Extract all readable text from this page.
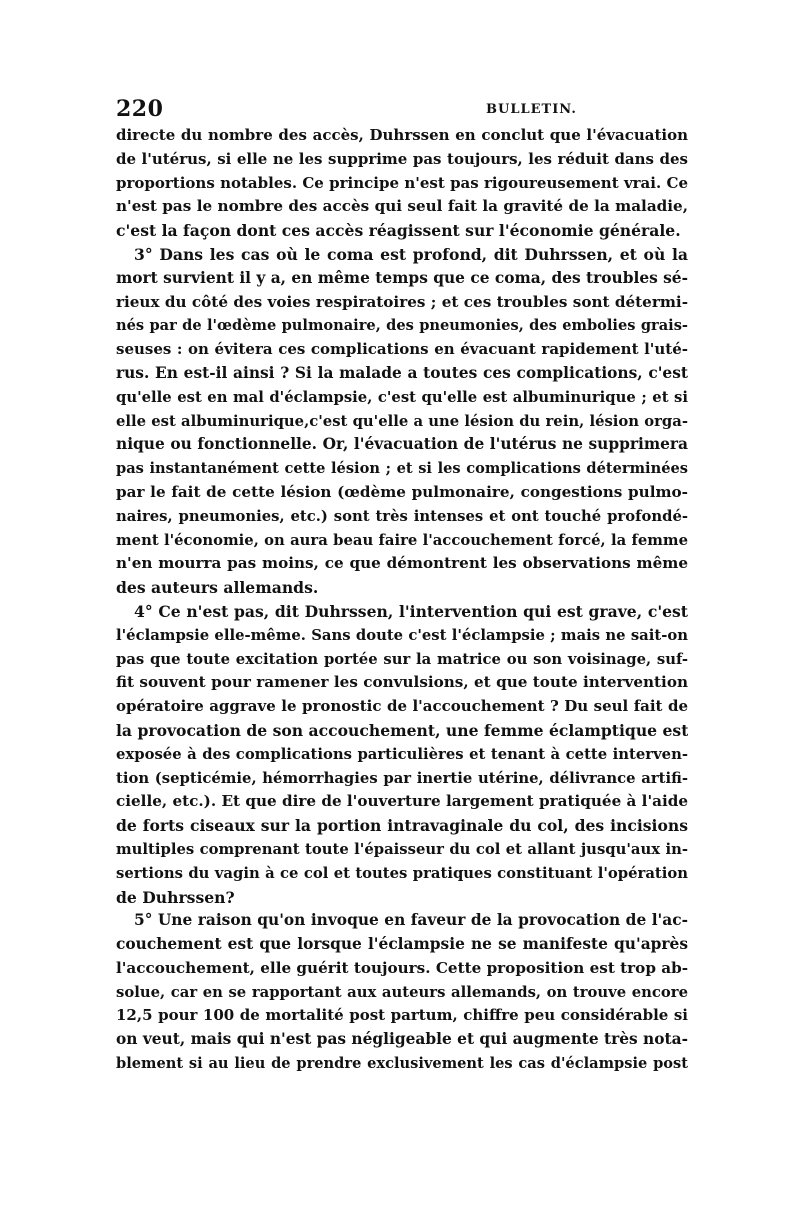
220	BULLETIN.
directe du nombre des accès, Duhrssen en conclut que l'évacuation
de l'utérus, si elle ne les supprime pas toujours, les réduit dans des
proportions notables. Ce principe n'est pas rigoureusement vrai. Ce
n'est pas le nombre des accès qui seul fait la gravité de la maladie,
c'est la façon dont ces accès réagissent sur l'économie générale.
3° Dans les cas où le coma est profond, dit Duhrssen, et où la
mort survient il y a, en même temps que ce coma, des troubles sé-
rieux du côté des voies respiratoires ; et ces troubles sont détermi-
nés par de l'œdème pulmonaire, des pneumonies, des embolies grais-
seuses : on évitera ces complications en évacuant rapidement l'uté-
rus. En est-il ainsi ? Si la malade a toutes ces complications, c'est
qu'elle est en mal d'éclampsie, c'est qu'elle est albuminurique ; et si
elle est albuminurique,c'est qu'elle a une lésion du rein, lésion orga-
nique ou fonctionnelle. Or, l'évacuation de l'utérus ne supprimera
pas instantanément cette lésion ; et si les complications déterminées
par le fait de cette lésion (œdème pulmonaire, congestions pulmo-
naires, pneumonies, etc.) sont très intenses et ont touché profondé-
ment l'économie, on aura beau faire l'accouchement forcé, la femme
n'en mourra pas moins, ce que démontrent les observations même
des auteurs allemands.
4° Ce n'est pas, dit Duhrssen, l'intervention qui est grave, c'est
l'éclampsie elle-même. Sans doute c'est l'éclampsie ; mais ne sait-on
pas que toute excitation portée sur la matrice ou son voisinage, suf-
fit souvent pour ramener les convulsions, et que toute intervention
opératoire aggrave le pronostic de l'accouchement ? Du seul fait de
la provocation de son accouchement, une femme éclamptique est
exposée à des complications particulières et tenant à cette interven-
tion (septicémie, hémorrhagies par inertie utérine, délivrance artifi-
cielle, etc.). Et que dire de l'ouverture largement pratiquée à l'aide
de forts ciseaux sur la portion intravaginale du col, des incisions
multiples comprenant toute l'épaisseur du col et allant jusqu'aux in-
sertions du vagin à ce col et toutes pratiques constituant l'opération
de Duhrssen?
5° Une raison qu'on invoque en faveur de la provocation de l'ac-
couchement est que lorsque l'éclampsie ne se manifeste qu'après
l'accouchement, elle guérit toujours. Cette proposition est trop ab-
solue, car en se rapportant aux auteurs allemands, on trouve encore
12,5 pour 100 de mortalité post partum, chiffre peu considérable si
on veut, mais qui n'est pas négligeable et qui augmente très nota-
blement si au lieu de prendre exclusivement les cas d'éclampsie post
